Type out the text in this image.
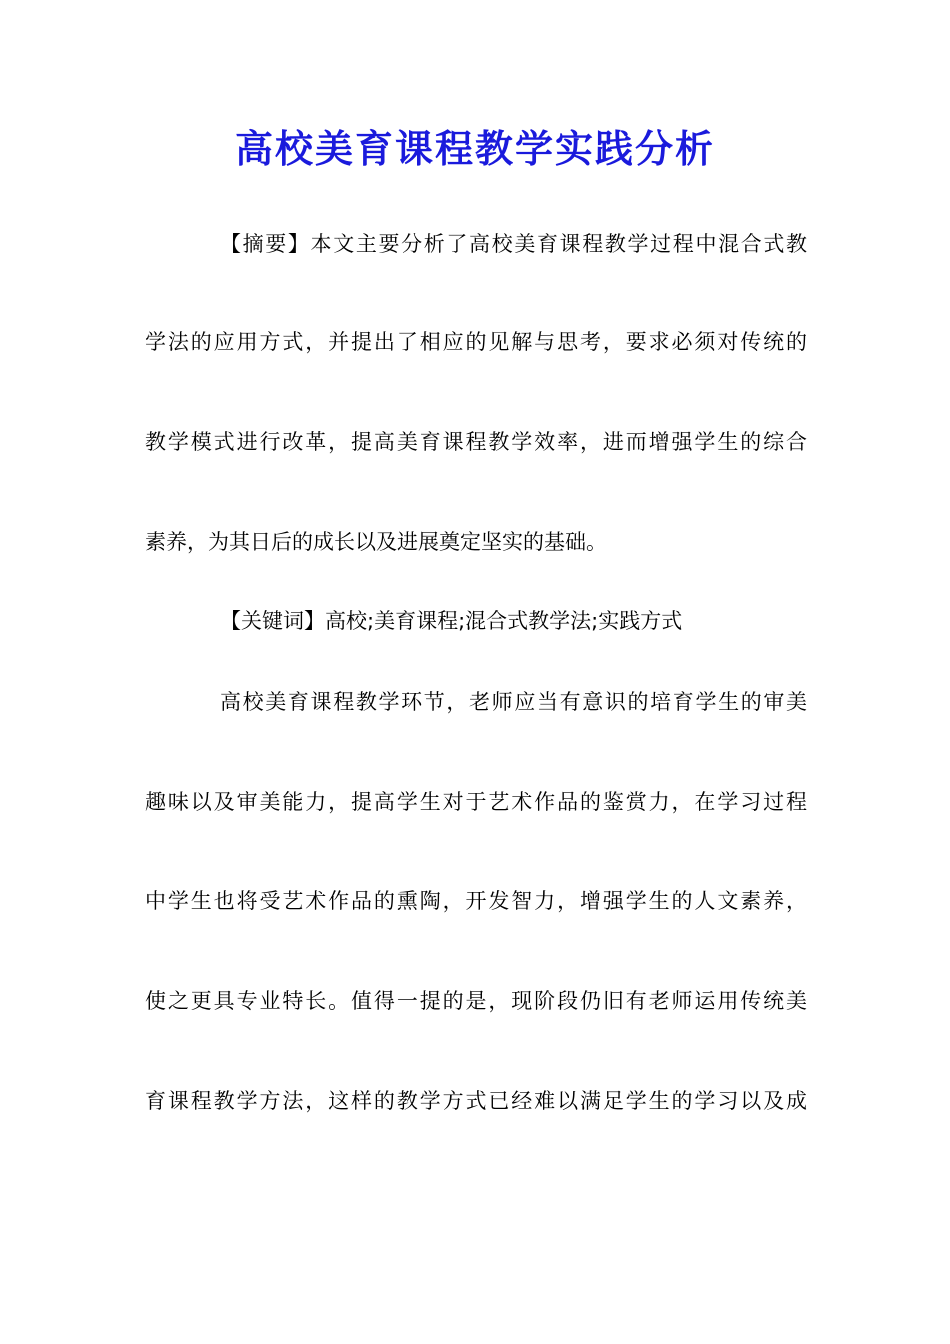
高校美育课程教学实践分析
【摘要】本文主要分析了高校美育课程教学过程中混合式教
学法的应用方式，并提出了相应的见解与思考，要求必须对传统的
教学模式进行改革，提高美育课程教学效率，进而增强学生的综合
素养，为其日后的成长以及进展奠定坚实的基础。
【关键词】高校;美育课程;混合式教学法;实践方式
高校美育课程教学环节，老师应当有意识的培育学生的审美
趣味以及审美能力，提高学生对于艺术作品的鉴赏力，在学习过程
中学生也将受艺术作品的熏陶，开发智力，增强学生的人文素养，
使之更具专业特长。值得一提的是，现阶段仍旧有老师运用传统美
育课程教学方法，这样的教学方式已经难以满足学生的学习以及成
